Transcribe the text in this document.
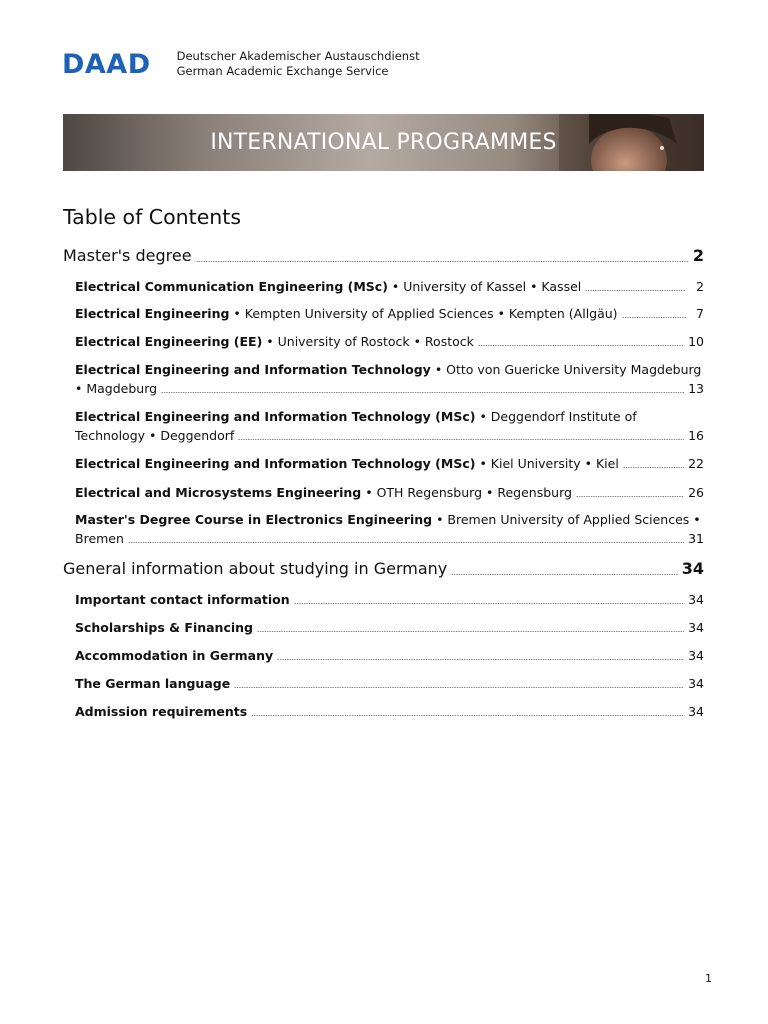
DAAD Deutscher Akademischer Austauschdienst
German Academic Exchange Service
INTERNATIONAL PROGRAMMES
Table of Contents
Master's degree	2
Electrical Communication Engineering (MSc) • University of Kassel • Kassel	2
Electrical Engineering • Kempten University of Applied Sciences • Kempten (Allgäu)	7
Electrical Engineering (EE) • University of Rostock • Rostock	10
Electrical Engineering and Information Technology • Otto von Guericke University Magdeburg
• Magdeburg	13
Electrical Engineering and Information Technology (MSc) • Deggendorf Institute of
Technology • Deggendorf	16
Electrical Engineering and Information Technology (MSc) • Kiel University • Kiel	22
Electrical and Microsystems Engineering • OTH Regensburg • Regensburg	26
Master's Degree Course in Electronics Engineering • Bremen University of Applied Sciences •
Bremen	31
General information about studying in Germany	34
Important contact information	34
Scholarships & Financing	34
Accommodation in Germany	34
The German language	34
Admission requirements	34
1
